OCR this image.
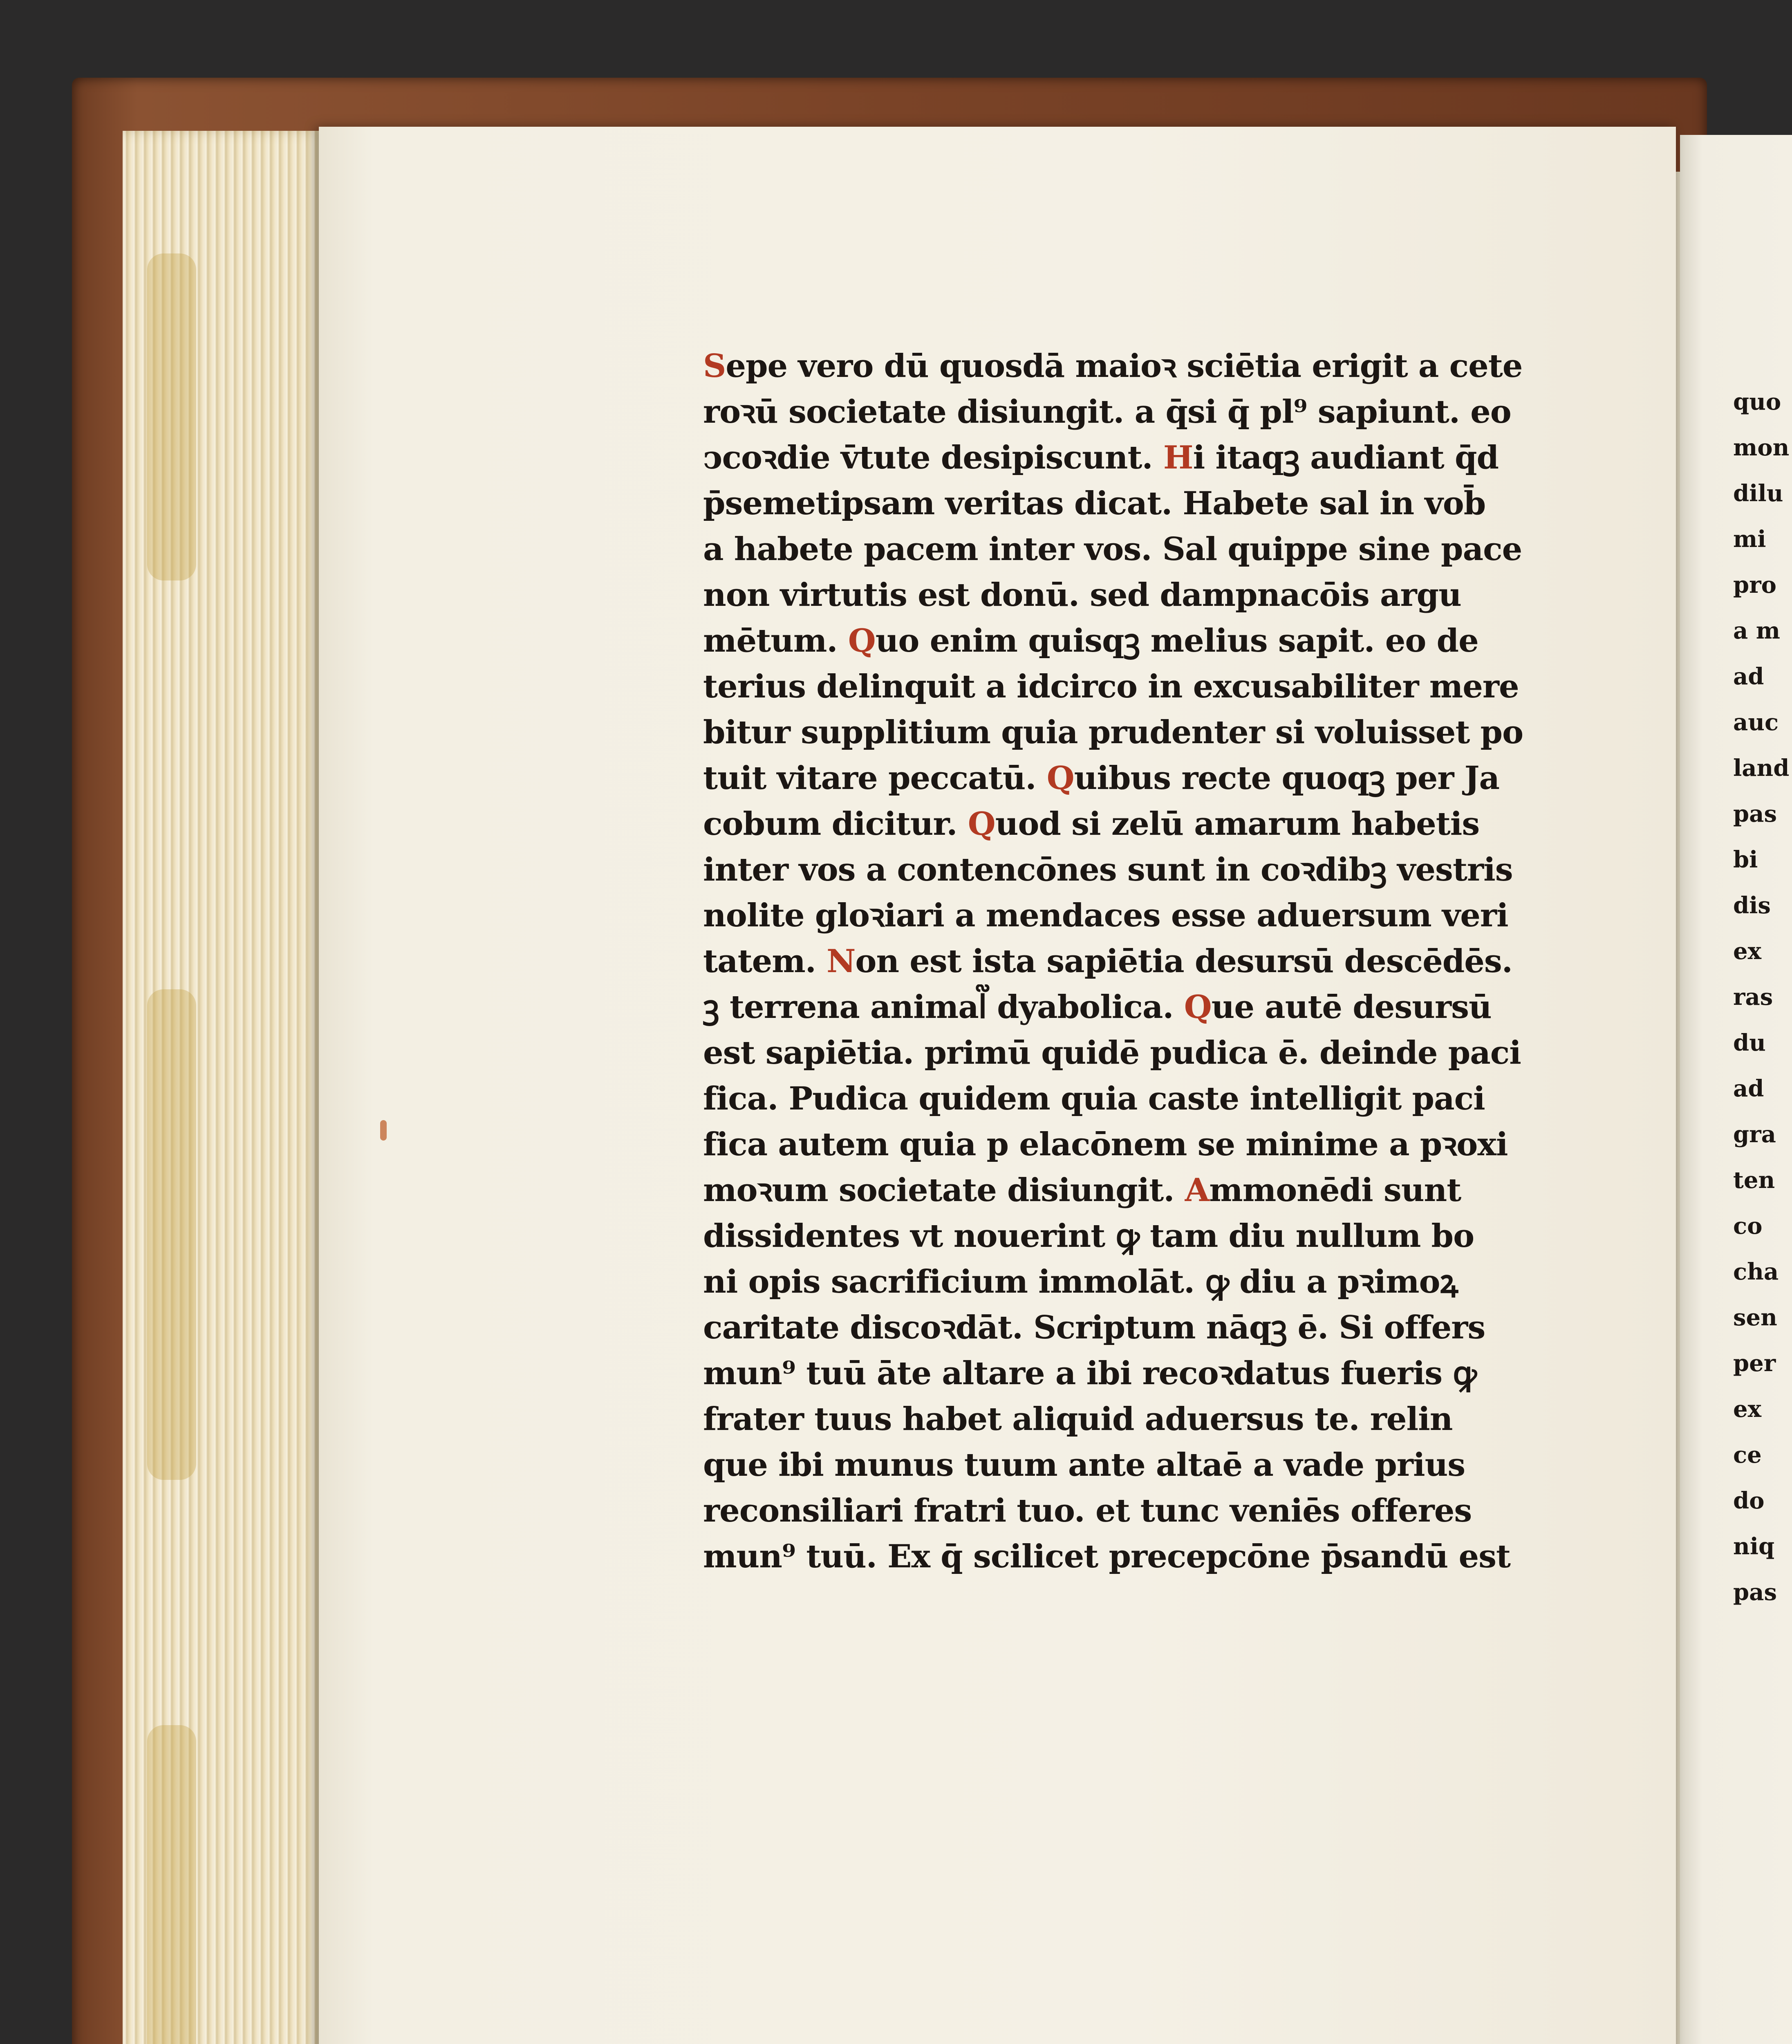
quo
mon
dilu
mi
pro
a m
ad
auc
land
pas
bi
dis
ex
ras
du
ad
gra
ten
co
cha
sen
per
ex
ce
do
niq
pas
Sepe vero dū quosdā maioꝛ sciētia erigit a cete
roꝛū societate disiungit. a q̄si q̄ pl⁹ sapiunt. eo
ↄcoꝛdie v̄tute desipiscunt. Hi itaqꝫ audiant q̄d
p̄semetipsam veritas dicat. Habete sal in vob̄
a habete pacem inter vos. Sal quippe sine pace
non virtutis est donū. sed dampnacōis argu
mētum. Quo enim quisqꝫ melius sapit. eo de
terius delinquit a idcirco in excusabiliter mere
bitur supplitium quia prudenter si voluisset po
tuit vitare peccatū. Quibus recte quoqꝫ per Ja
cobum dicitur. Quod si zelū amarum habetis
inter vos a contencōnes sunt in coꝛdibꝫ vestris
nolite gloꝛiari a mendaces esse aduersum veri
tatem. Non est ista sapiētia desursū descēdēs.
ꝫ terrena animal᷑ dyabolica. Que autē desursū
est sapiētia. primū quidē pudica ē. deinde paci
fica. Pudica quidem quia caste intelligit paci
fica autem quia p elacōnem se minime a pꝛoxi
moꝛum societate disiungit. Ammonēdi sunt
dissidentes vt nouerint ꝙ tam diu nullum bo
ni opis sacrificium immolāt. ꝙ diu a pꝛimoꝝ
caritate discoꝛdāt. Scriptum nāqꝫ ē. Si offers
mun⁹ tuū āte altare a ibi recoꝛdatus fueris ꝙ
frater tuus habet aliquid aduersus te. relin
que ibi munus tuum ante altaē a vade prius
reconsiliari fratri tuo. et tunc veniēs offeres
mun⁹ tuū. Ex q̄ scilicet precepcōne p̄sandū est
